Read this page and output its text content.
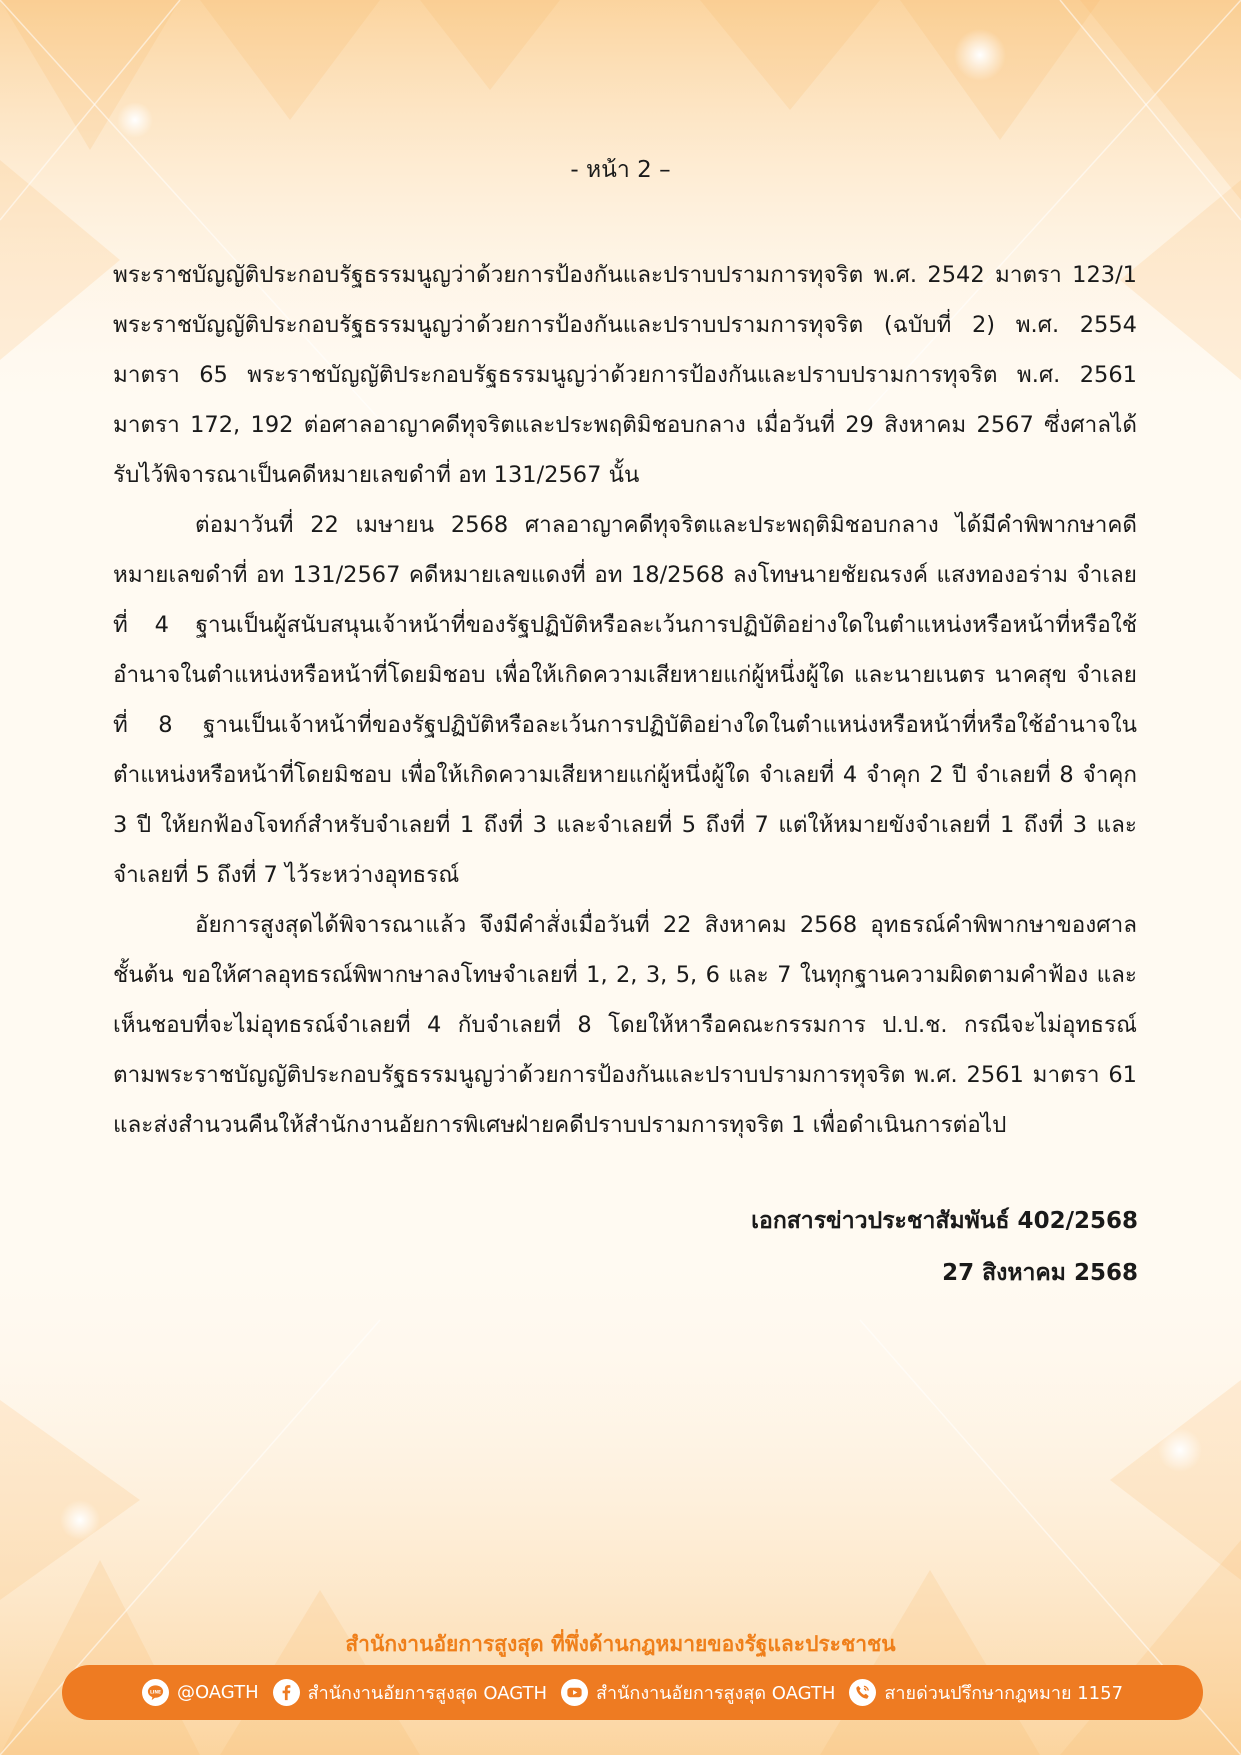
- หน้า 2 –

พระราชบัญญัติประกอบรัฐธรรมนูญว่าด้วยการป้องกันและปราบปรามการทุจริต พ.ศ. 2542 มาตรา 123/1 พระราชบัญญัติประกอบรัฐธรรมนูญว่าด้วยการป้องกันและปราบปรามการทุจริต (ฉบับที่ 2) พ.ศ. 2554 มาตรา 65 พระราชบัญญัติประกอบรัฐธรรมนูญว่าด้วยการป้องกันและปราบปรามการทุจริต พ.ศ. 2561 มาตรา 172, 192 ต่อศาลอาญาคดีทุจริตและประพฤติมิชอบกลาง เมื่อวันที่ 29 สิงหาคม 2567 ซึ่งศาลได้รับไว้พิจารณาเป็นคดีหมายเลขดำที่ อท 131/2567 นั้น

ต่อมาวันที่ 22 เมษายน 2568 ศาลอาญาคดีทุจริตและประพฤติมิชอบกลาง ได้มีคำพิพากษาคดีหมายเลขดำที่ อท 131/2567 คดีหมายเลขแดงที่ อท 18/2568 ลงโทษนายชัยณรงค์ แสงทองอร่าม จำเลยที่ 4 ฐานเป็นผู้สนับสนุนเจ้าหน้าที่ของรัฐปฏิบัติหรือละเว้นการปฏิบัติอย่างใดในตำแหน่งหรือหน้าที่หรือใช้อำนาจในตำแหน่งหรือหน้าที่โดยมิชอบ เพื่อให้เกิดความเสียหายแก่ผู้หนึ่งผู้ใด และนายเนตร นาคสุข จำเลยที่ 8 ฐานเป็นเจ้าหน้าที่ของรัฐปฏิบัติหรือละเว้นการปฏิบัติอย่างใดในตำแหน่งหรือหน้าที่หรือใช้อำนาจในตำแหน่งหรือหน้าที่โดยมิชอบ เพื่อให้เกิดความเสียหายแก่ผู้หนึ่งผู้ใด จำเลยที่ 4 จำคุก 2 ปี จำเลยที่ 8 จำคุก 3 ปี ให้ยกฟ้องโจทก์สำหรับจำเลยที่ 1 ถึงที่ 3 และจำเลยที่ 5 ถึงที่ 7 แต่ให้หมายขังจำเลยที่ 1 ถึงที่ 3 และจำเลยที่ 5 ถึงที่ 7 ไว้ระหว่างอุทธรณ์

อัยการสูงสุดได้พิจารณาแล้ว จึงมีคำสั่งเมื่อวันที่ 22 สิงหาคม 2568 อุทธรณ์คำพิพากษาของศาลชั้นต้น ขอให้ศาลอุทธรณ์พิพากษาลงโทษจำเลยที่ 1, 2, 3, 5, 6 และ 7 ในทุกฐานความผิดตามคำฟ้อง และเห็นชอบที่จะไม่อุทธรณ์จำเลยที่ 4 กับจำเลยที่ 8 โดยให้หารือคณะกรรมการ ป.ป.ช. กรณีจะไม่อุทธรณ์ตามพระราชบัญญัติประกอบรัฐธรรมนูญว่าด้วยการป้องกันและปราบปรามการทุจริต พ.ศ. 2561 มาตรา 61 และส่งสำนวนคืนให้สำนักงานอัยการพิเศษฝ่ายคดีปราบปรามการทุจริต 1 เพื่อดำเนินการต่อไป

เอกสารข่าวประชาสัมพันธ์ 402/2568
27 สิงหาคม 2568
สำนักงานอัยการสูงสุด ที่พึ่งด้านกฎหมายของรัฐและประชาชน
LINE @OAGTH	สำนักงานอัยการสูงสุด OAGTH	สำนักงานอัยการสูงสุด OAGTH	สายด่วนปรึกษากฎหมาย 1157
